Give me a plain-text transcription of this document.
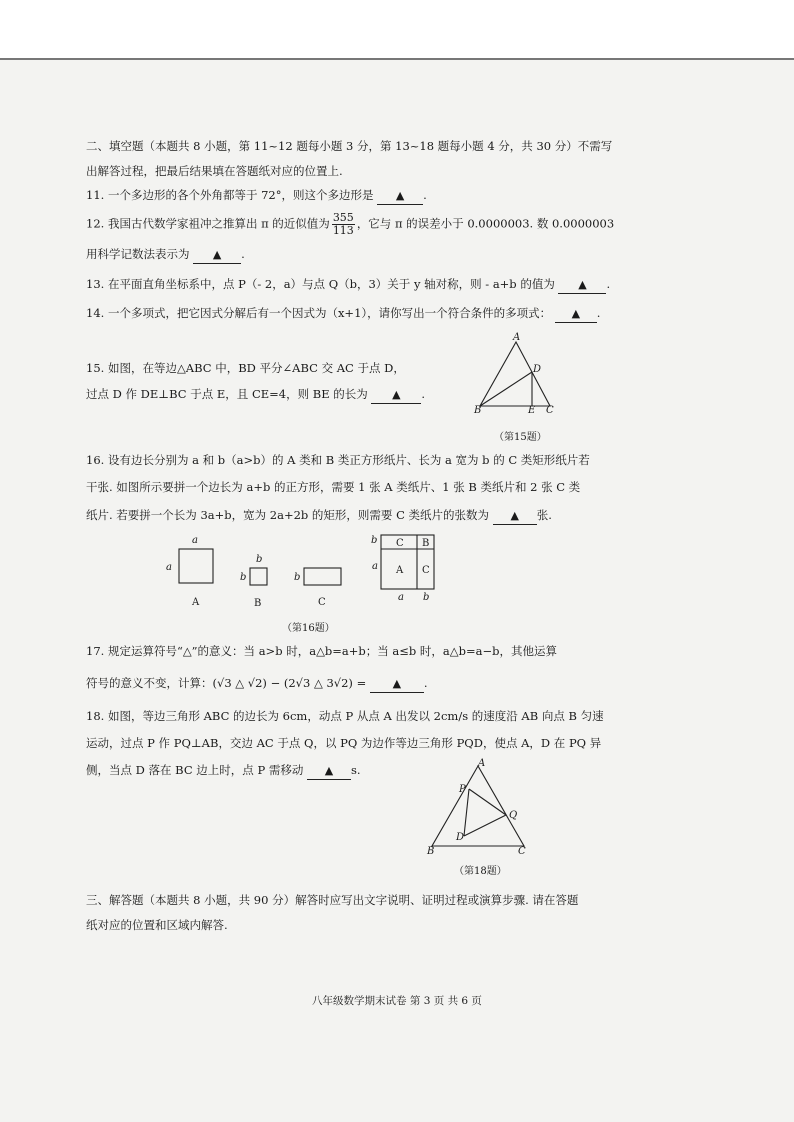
二、填空题（本题共 8 小题，第 11~12 题每小题 3 分，第 13~18 题每小题 4 分，共 30 分）不需写
出解答过程，把最后结果填在答题纸对应的位置上.
11. 一个多边形的各个外角都等于 72°，则这个多边形是 ▲ .
12. 我国古代数学家祖冲之推算出 π 的近似值为 $\frac{355}{113}$ ，它与 π 的误差小于 0.0000003. 数 0.0000003
用科学记数法表示为 ▲ .
13. 在平面直角坐标系中，点 P（- 2，a）与点 Q（b，3）关于 y 轴对称，则 - a+b 的值为 ▲ .
14. 一个多项式，把它因式分解后有一个因式为（x+1），请你写出一个符合条件的多项式： ▲ .
15. 如图，在等边△ABC 中，BD 平分∠ABC 交 AC 于点 D，
过点 D 作 DE⊥BC 于点 E，且 CE=4，则 BE 的长为 ▲ .
A
D
B	E C
（第15题）
16. 设有边长分别为 a 和 b（a>b）的 A 类和 B 类正方形纸片、长为 a 宽为 b 的 C 类矩形纸片若
干张. 如图所示要拼一个边长为 a+b 的正方形，需要 1 张 A 类纸片、1 张 B 类纸片和 2 张 C 类
纸片. 若要拼一个长为 3a+b，宽为 2a+2b 的矩形，则需要 C 类纸片的张数为 ▲ 张.
a
a
A
b
b
B
b
C
b
a
C B
A C
a b
（第16题）
17. 规定运算符号“△”的意义：当 a>b 时，a△b=a+b；当 a≤b 时，a△b=a−b，其他运算
符号的意义不变，计算：(√3 △ √2) − (2√3 △ 3√2) = ▲ .
18. 如图，等边三角形 ABC 的边长为 6cm，动点 P 从点 A 出发以 2cm/s 的速度沿 AB 向点 B 匀速
运动，过点 P 作 PQ⊥AB，交边 AC 于点 Q，以 PQ 为边作等边三角形 PQD，使点 A，D 在 PQ 异
侧，当点 D 落在 BC 边上时，点 P 需移动 ▲ s.	A
P
Q
D
B	C
（第18题）
三、解答题（本题共 8 小题，共 90 分）解答时应写出文字说明、证明过程或演算步骤. 请在答题
纸对应的位置和区域内解答.
八年级数学期末试卷 第 3 页 共 6 页
